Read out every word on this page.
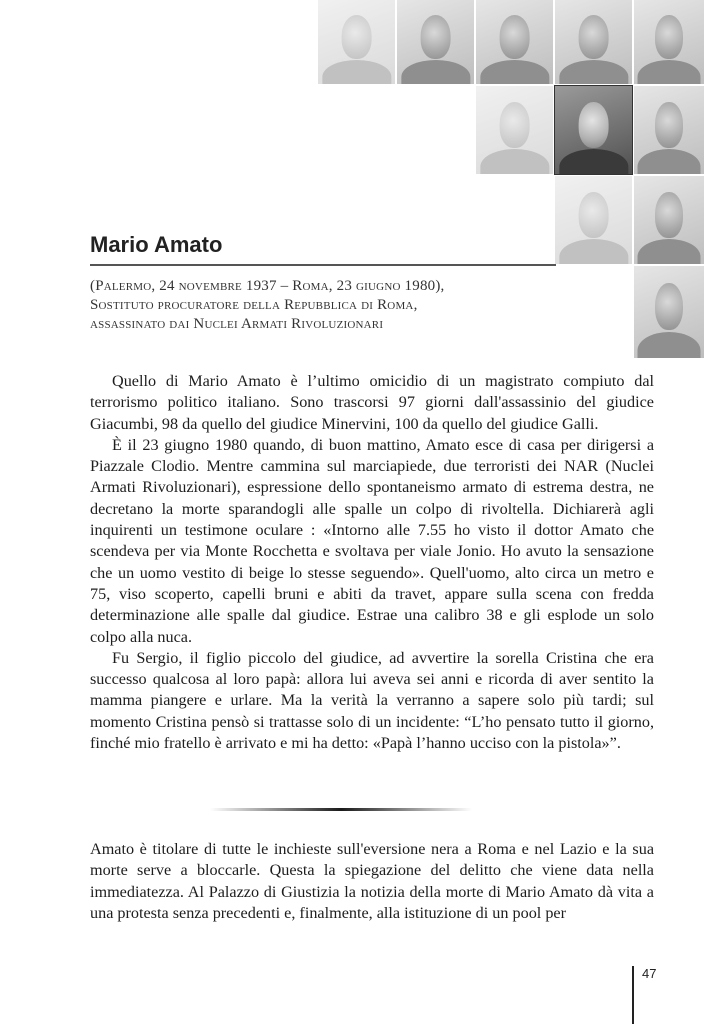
Mario Amato
(Palermo, 24 novembre 1937 – Roma, 23 giugno 1980),
Sostituto procuratore della Repubblica di Roma,
assassinato dai Nuclei Armati Rivoluzionari

Quello di Mario Amato è l’ultimo omicidio di un magistrato compiuto dal terrorismo politico italiano. Sono trascorsi 97 giorni dall'assassinio del giudice Giacumbi, 98 da quello del giudice Minervini, 100 da quello del giudice Galli.

È il 23 giugno 1980 quando, di buon mattino, Amato esce di casa per dirigersi a Piazzale Clodio. Mentre cammina sul marciapiede, due terroristi dei NAR (Nuclei Armati Rivoluzionari), espressione dello spontaneismo armato di estrema destra, ne decretano la morte sparandogli alle spalle un colpo di rivoltella. Dichiarerà agli inquirenti un testimone oculare : «Intorno alle 7.55 ho visto il dottor Amato che scendeva per via Monte Rocchetta e svoltava per viale Jonio. Ho avuto la sensazione che un uomo vestito di beige lo stesse seguendo». Quell'uomo, alto circa un metro e 75, viso scoperto, capelli bruni e abiti da travet, appare sulla scena con fredda determinazione alle spalle dal giudice. Estrae una calibro 38 e gli esplode un solo colpo alla nuca.

Fu Sergio, il figlio piccolo del giudice, ad avvertire la sorella Cristina che era successo qualcosa al loro papà: allora lui aveva sei anni e ricorda di aver sentito la mamma piangere e urlare. Ma la verità la verranno a sapere solo più tardi; sul momento Cristina pensò si trattasse solo di un incidente: “L’ho pensato tutto il giorno, finché mio fratello è arrivato e mi ha detto: «Papà l’hanno ucciso con la pistola»”.

Amato è titolare di tutte le inchieste sull'eversione nera a Roma e nel Lazio e la sua morte serve a bloccarle. Questa la spiegazione del delitto che viene data nella immediatezza. Al Palazzo di Giustizia la notizia della morte di Mario Amato dà vita a una protesta senza precedenti e, finalmente, alla istituzione di un pool per

47
